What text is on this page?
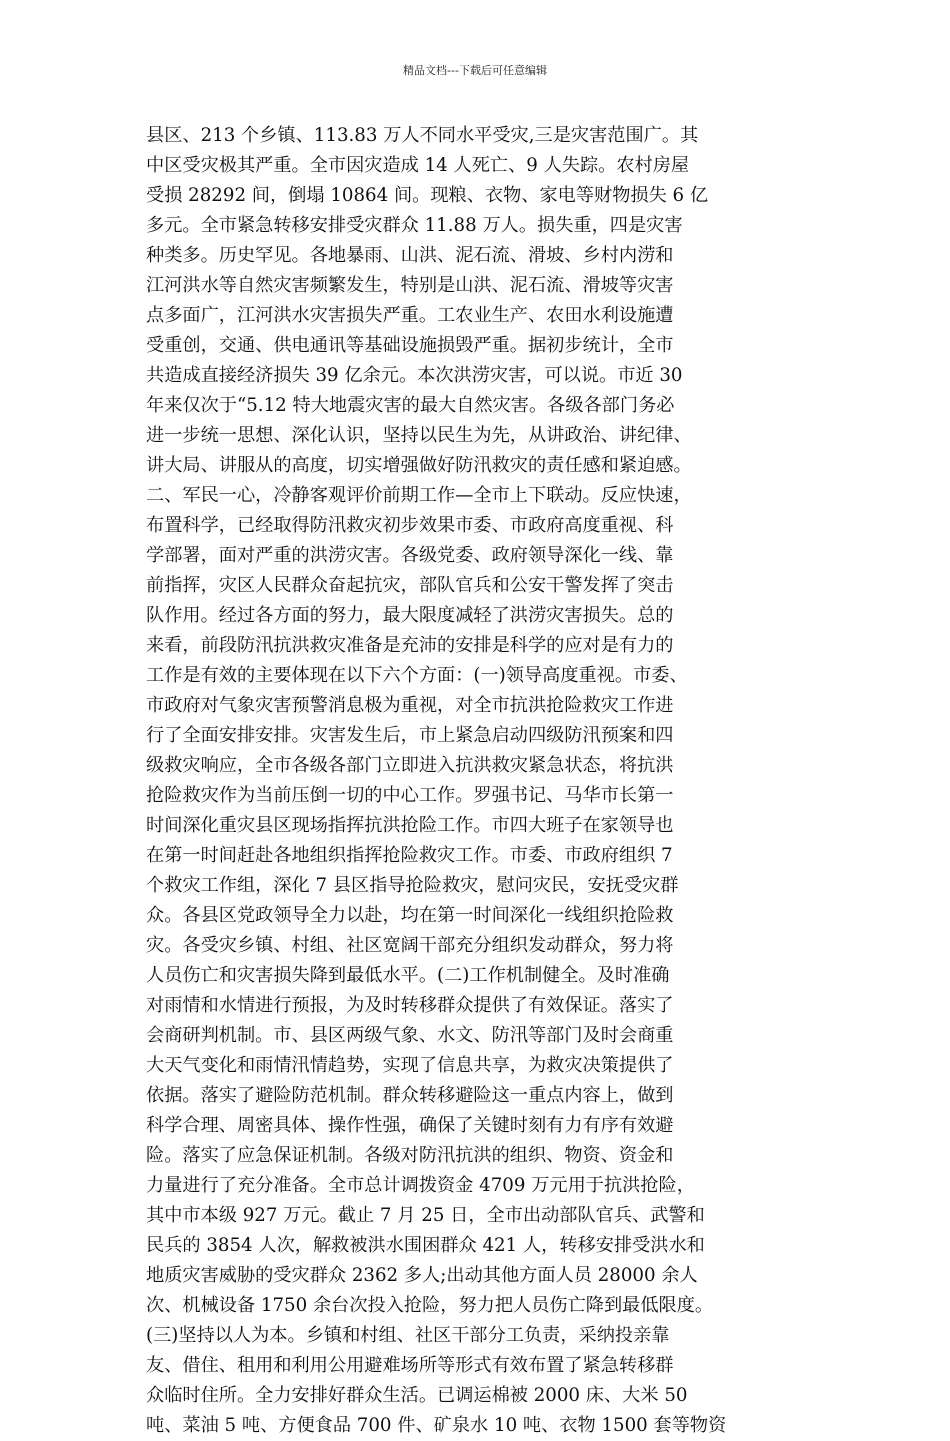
精品文档---下载后可任意编辑
县区、213 个乡镇、113.83 万人不同水平受灾,三是灾害范围广。其
中区受灾极其严重。全市因灾造成 14 人死亡、9 人失踪。农村房屋
受损 28292 间，倒塌 10864 间。现粮、衣物、家电等财物损失 6 亿
多元。全市紧急转移安排受灾群众 11.88 万人。损失重，四是灾害
种类多。历史罕见。各地暴雨、山洪、泥石流、滑坡、乡村内涝和
江河洪水等自然灾害频繁发生，特别是山洪、泥石流、滑坡等灾害
点多面广，江河洪水灾害损失严重。工农业生产、农田水利设施遭
受重创，交通、供电通讯等基础设施损毁严重。据初步统计，全市
共造成直接经济损失 39 亿余元。本次洪涝灾害，可以说。市近 30
年来仅次于“5.12 特大地震灾害的最大自然灾害。各级各部门务必
进一步统一思想、深化认识，坚持以民生为先，从讲政治、讲纪律、
讲大局、讲服从的高度，切实增强做好防汛救灾的责任感和紧迫感。
二、军民一心，冷静客观评价前期工作—全市上下联动。反应快速，
布置科学，已经取得防汛救灾初步效果市委、市政府高度重视、科
学部署，面对严重的洪涝灾害。各级党委、政府领导深化一线、靠
前指挥，灾区人民群众奋起抗灾，部队官兵和公安干警发挥了突击
队作用。经过各方面的努力，最大限度减轻了洪涝灾害损失。总的
来看，前段防汛抗洪救灾准备是充沛的安排是科学的应对是有力的
工作是有效的主要体现在以下六个方面：(一)领导高度重视。市委、
市政府对气象灾害预警消息极为重视，对全市抗洪抢险救灾工作进
行了全面安排安排。灾害发生后，市上紧急启动四级防汛预案和四
级救灾响应，全市各级各部门立即进入抗洪救灾紧急状态，将抗洪
抢险救灾作为当前压倒一切的中心工作。罗强书记、马华市长第一
时间深化重灾县区现场指挥抗洪抢险工作。市四大班子在家领导也
在第一时间赶赴各地组织指挥抢险救灾工作。市委、市政府组织 7
个救灾工作组，深化 7 县区指导抢险救灾，慰问灾民，安抚受灾群
众。各县区党政领导全力以赴，均在第一时间深化一线组织抢险救
灾。各受灾乡镇、村组、社区宽阔干部充分组织发动群众，努力将
人员伤亡和灾害损失降到最低水平。(二)工作机制健全。及时准确
对雨情和水情进行预报，为及时转移群众提供了有效保证。落实了
会商研判机制。市、县区两级气象、水文、防汛等部门及时会商重
大天气变化和雨情汛情趋势，实现了信息共享，为救灾决策提供了
依据。落实了避险防范机制。群众转移避险这一重点内容上，做到
科学合理、周密具体、操作性强，确保了关键时刻有力有序有效避
险。落实了应急保证机制。各级对防汛抗洪的组织、物资、资金和
力量进行了充分准备。全市总计调拨资金 4709 万元用于抗洪抢险，
其中市本级 927 万元。截止 7 月 25 日，全市出动部队官兵、武警和
民兵的 3854 人次，解救被洪水围困群众 421 人，转移安排受洪水和
地质灾害威胁的受灾群众 2362 多人;出动其他方面人员 28000 余人
次、机械设备 1750 余台次投入抢险，努力把人员伤亡降到最低限度。
(三)坚持以人为本。乡镇和村组、社区干部分工负责，采纳投亲靠
友、借住、租用和利用公用避难场所等形式有效布置了紧急转移群
众临时住所。全力安排好群众生活。已调运棉被 2000 床、大米 50
吨、菜油 5 吨、方便食品 700 件、矿泉水 10 吨、衣物 1500 套等物资
